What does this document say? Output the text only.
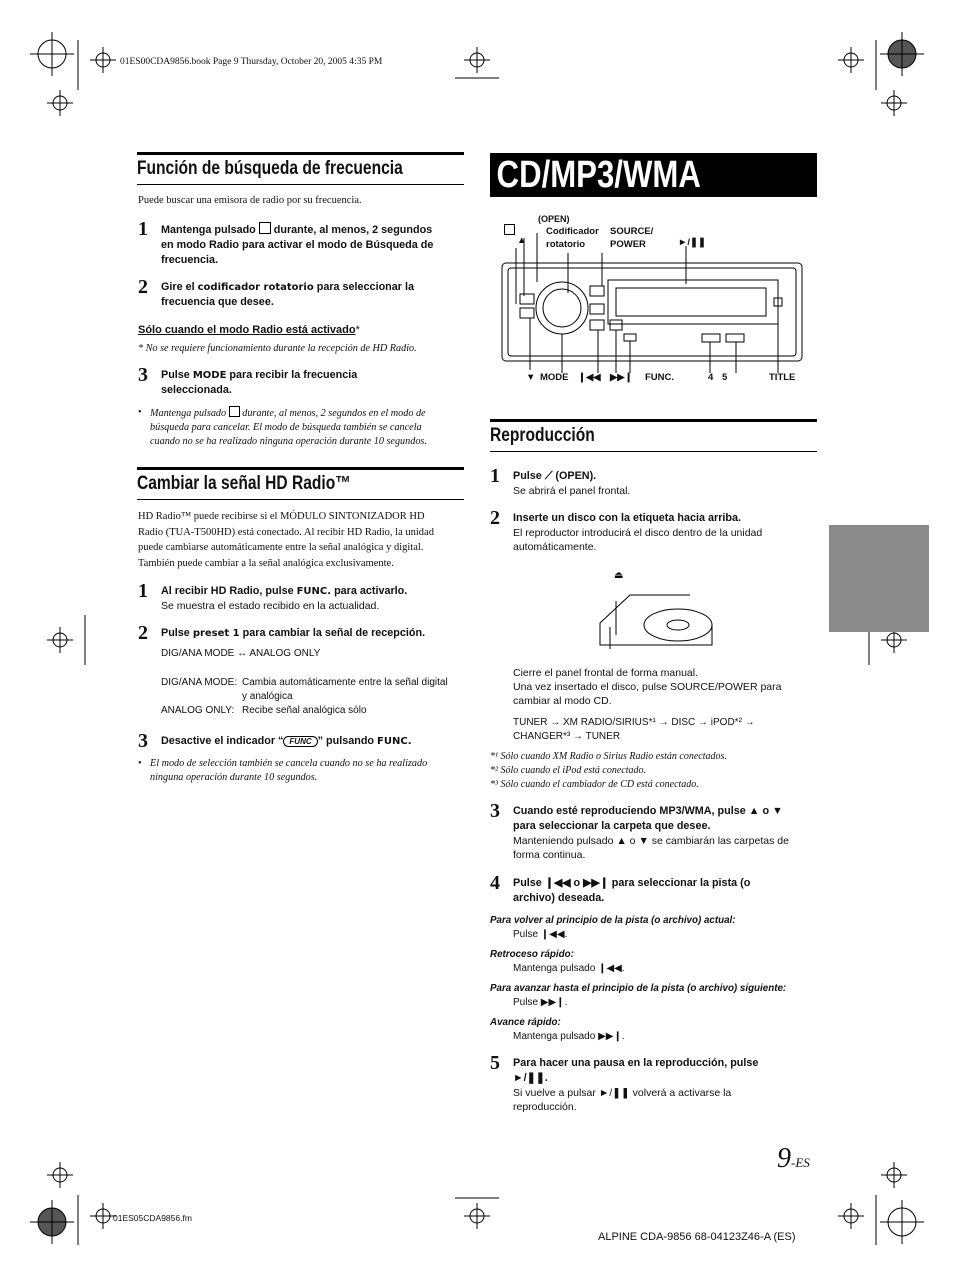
01ES00CDA9856.book Page 9 Thursday, October 20, 2005 4:35 PM
Función de búsqueda de frecuencia
Puede buscar una emisora de radio por su frecuencia.
1 Mantenga pulsado durante, al menos, 2 segundos
en modo Radio para activar el modo de Búsqueda de
frecuencia.
2 Gire el codificador rotatorio para seleccionar la
frecuencia que desee.
Sólo cuando el modo Radio está activado*
* No se requiere funcionamiento durante la recepción de HD Radio.
3 Pulse MODE para recibir la frecuencia
seleccionada.
• Mantenga pulsado durante, al menos, 2 segundos en el modo de
búsqueda para cancelar. El modo de búsqueda también se cancela
cuando no se ha realizado ninguna operación durante 10 segundos.
Cambiar la señal HD Radio™
HD Radio™ puede recibirse si el MÓDULO SINTONIZADOR HD
Radio (TUA-T500HD) está conectado. Al recibir HD Radio, la unidad
puede cambiarse automáticamente entre la señal analógica y digital.
También puede cambiar a la señal analógica exclusivamente.
1 Al recibir HD Radio, pulse FUNC. para activarlo.
Se muestra el estado recibido en la actualidad.
2 Pulse preset 1 para cambiar la señal de recepción.
DIG/ANA MODE ↔ ANALOG ONLY
DIG/ANA MODE: Cambia automáticamente entre la señal digital
y analógica
ANALOG ONLY: Recibe señal analógica sólo
3 Desactive el indicador “ FUNC ” pulsando FUNC.
• El modo de selección también se cancela cuando no se ha realizado
ninguna operación durante 10 segundos.
CD/MP3/WMA
(OPEN)
▲
Codificador
rotatorio
SOURCE/
POWER	►/❚❚
▼ MODE ❙◀◀ ▶▶❙ FUNC.	4 5	TITLE
Reproducción
1 Pulse ⟋ (OPEN).
Se abrirá el panel frontal.
2 Inserte un disco con la etiqueta hacia arriba.
El reproductor introducirá el disco dentro de la unidad
automáticamente.
⏏
Cierre el panel frontal de forma manual.
Una vez insertado el disco, pulse SOURCE/POWER para
cambiar al modo CD.
TUNER → XM RADIO/SIRIUS*¹ → DISC → iPOD*² →
CHANGER*³ → TUNER
*¹ Sólo cuando XM Radio o Sirius Radio están conectados.
*² Sólo cuando el iPod está conectado.
*³ Sólo cuando el cambiador de CD está conectado.
3 Cuando esté reproduciendo MP3/WMA, pulse ▲ o ▼
para seleccionar la carpeta que desee.
Manteniendo pulsado ▲ o ▼ se cambiarán las carpetas de
forma continua.
4 Pulse ❙◀◀ o ▶▶❙ para seleccionar la pista (o
archivo) deseada.
Para volver al principio de la pista (o archivo) actual:
Pulse ❙◀◀.
Retroceso rápido:
Mantenga pulsado ❙◀◀.
Para avanzar hasta el principio de la pista (o archivo) siguiente:
Pulse ▶▶❙.
Avance rápido:
Mantenga pulsado ▶▶❙.
5 Para hacer una pausa en la reproducción, pulse
►/❚❚.
Si vuelve a pulsar ►/❚❚ volverá a activarse la
reproducción.
9-ES
01ES05CDA9856.fm
ALPINE CDA-9856 68-04123Z46-A (ES)
